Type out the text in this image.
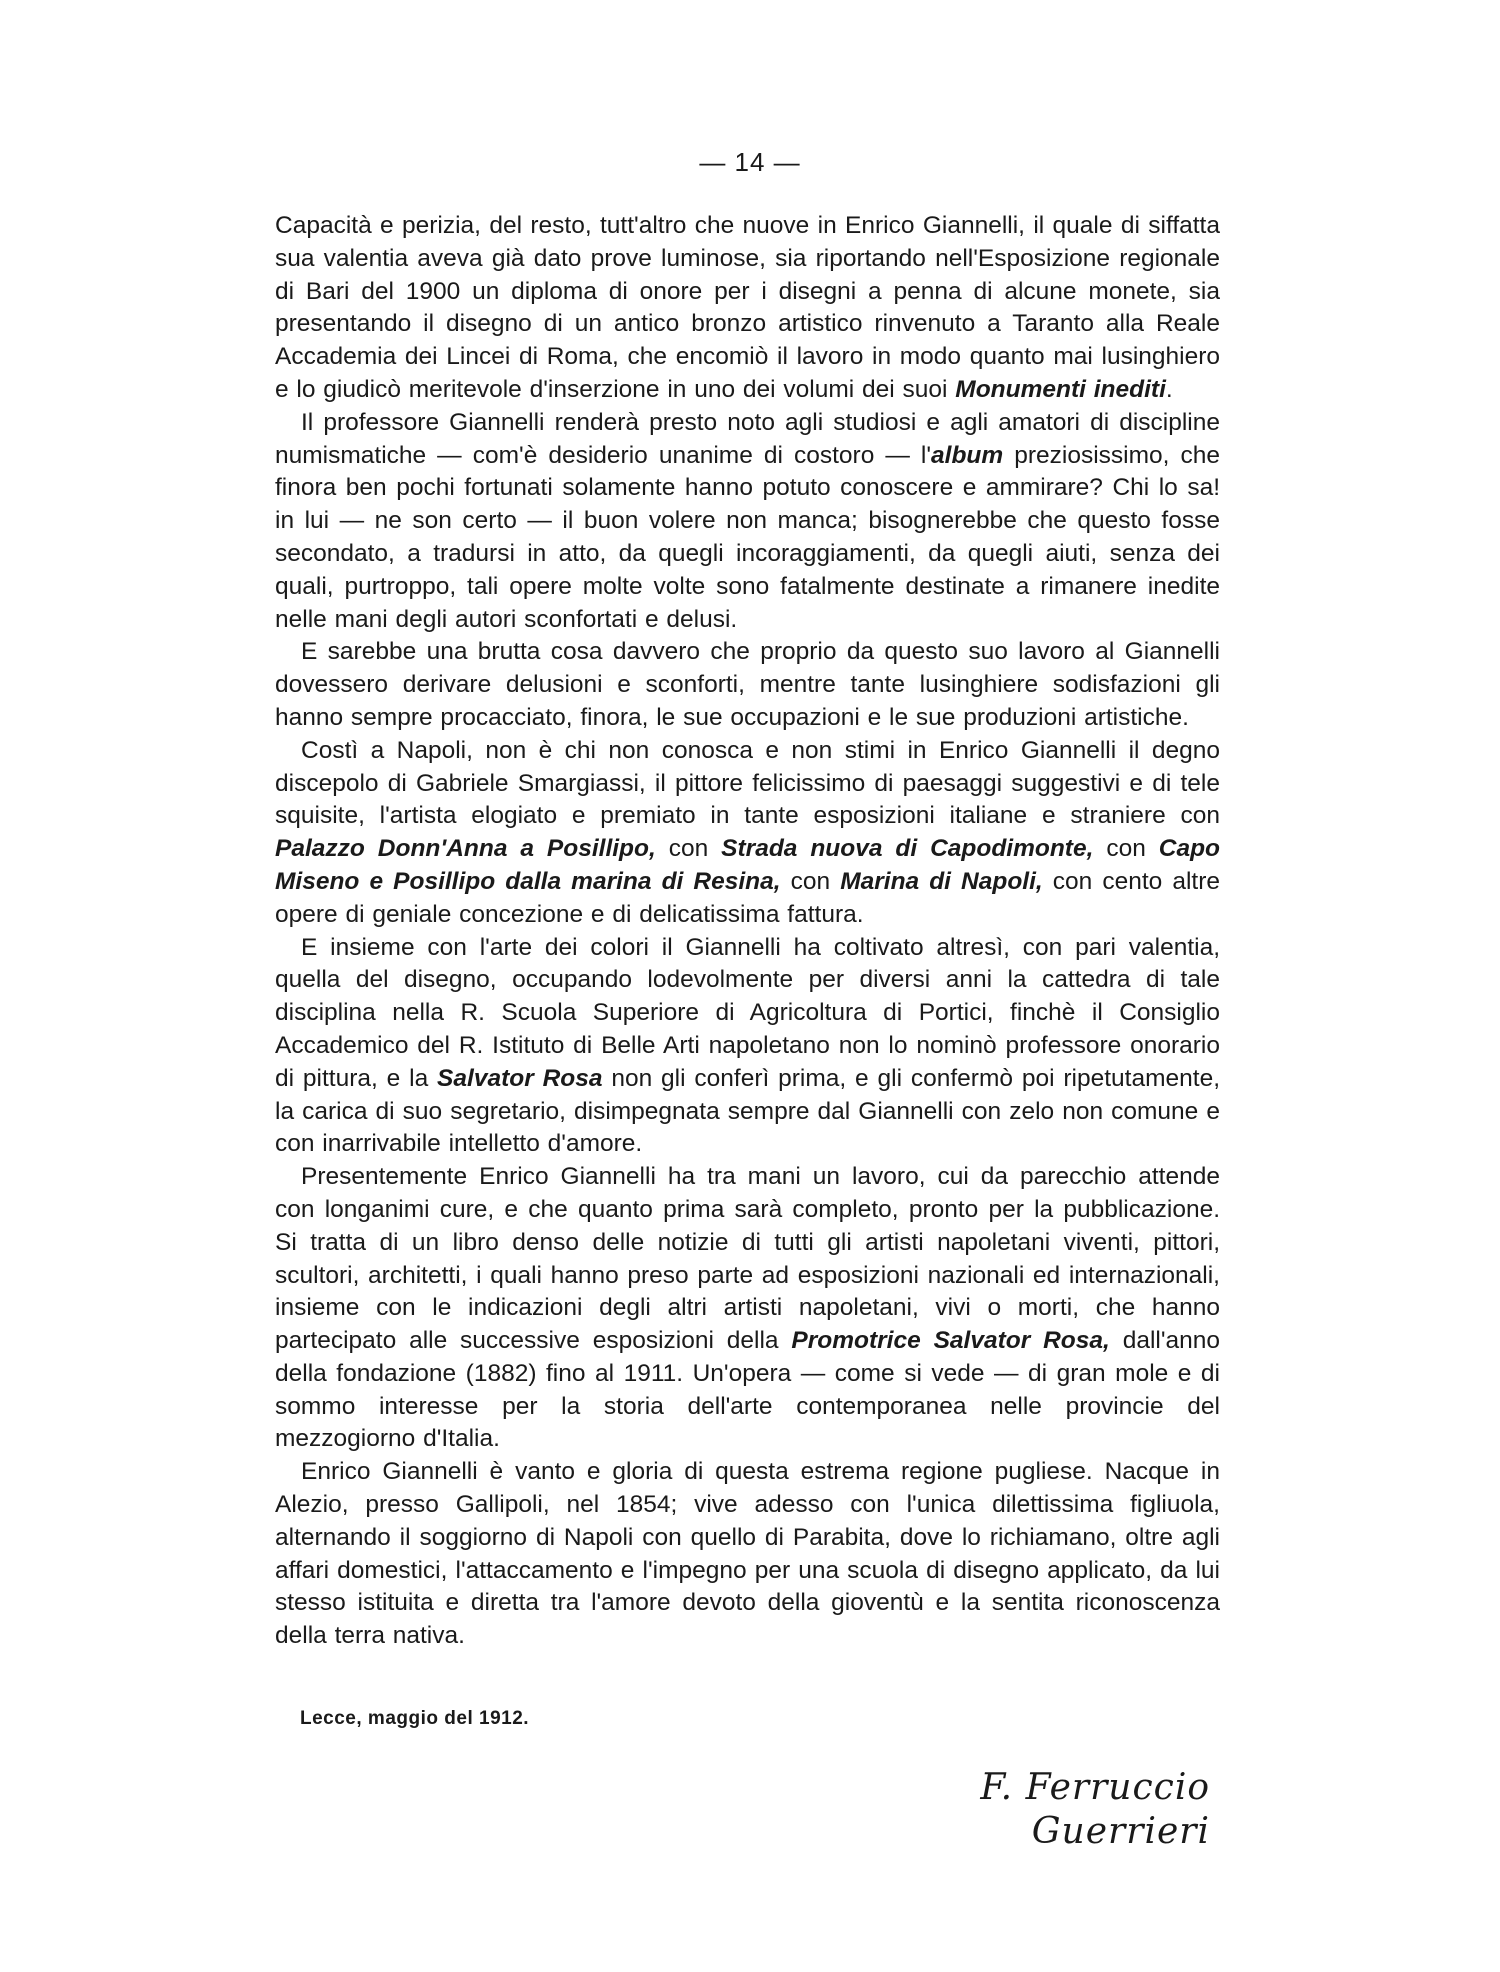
— 14 —

Capacità e perizia, del resto, tutt'altro che nuove in Enrico Giannelli, il quale di siffatta sua valentia aveva già dato prove luminose, sia riportando nell'Esposizione regionale di Bari del 1900 un diploma di onore per i disegni a penna di alcune monete, sia presentando il disegno di un antico bronzo artistico rinvenuto a Taranto alla Reale Accademia dei Lincei di Roma, che encomiò il lavoro in modo quanto mai lusinghiero e lo giudicò meritevole d'inserzione in uno dei volumi dei suoi Monumenti inediti.

Il professore Giannelli renderà presto noto agli studiosi e agli amatori di discipline numismatiche — com'è desiderio unanime di costoro — l'album preziosissimo, che finora ben pochi fortunati solamente hanno potuto conoscere e ammirare? Chi lo sa! in lui — ne son certo — il buon volere non manca; bisognerebbe che questo fosse secondato, a tradursi in atto, da quegli incoraggiamenti, da quegli aiuti, senza dei quali, purtroppo, tali opere molte volte sono fatalmente destinate a rimanere inedite nelle mani degli autori sconfortati e delusi.

E sarebbe una brutta cosa davvero che proprio da questo suo lavoro al Giannelli dovessero derivare delusioni e sconforti, mentre tante lusinghiere sodisfazioni gli hanno sempre procacciato, finora, le sue occupazioni e le sue produzioni artistiche.

Costì a Napoli, non è chi non conosca e non stimi in Enrico Giannelli il degno discepolo di Gabriele Smargiassi, il pittore felicissimo di paesaggi suggestivi e di tele squisite, l'artista elogiato e premiato in tante esposizioni italiane e straniere con Palazzo Donn'Anna a Posillipo, con Strada nuova di Capodimonte, con Capo Miseno e Posillipo dalla marina di Resina, con Marina di Napoli, con cento altre opere di geniale concezione e di delicatissima fattura.

E insieme con l'arte dei colori il Giannelli ha coltivato altresì, con pari valentia, quella del disegno, occupando lodevolmente per diversi anni la cattedra di tale disciplina nella R. Scuola Superiore di Agricoltura di Portici, finchè il Consiglio Accademico del R. Istituto di Belle Arti napoletano non lo nominò professore onorario di pittura, e la Salvator Rosa non gli conferì prima, e gli confermò poi ripetutamente, la carica di suo segretario, disimpegnata sempre dal Giannelli con zelo non comune e con inarrivabile intelletto d'amore.

Presentemente Enrico Giannelli ha tra mani un lavoro, cui da parecchio attende con longanimi cure, e che quanto prima sarà completo, pronto per la pubblicazione. Si tratta di un libro denso delle notizie di tutti gli artisti napoletani viventi, pittori, scultori, architetti, i quali hanno preso parte ad esposizioni nazionali ed internazionali, insieme con le indicazioni degli altri artisti napoletani, vivi o morti, che hanno partecipato alle successive esposizioni della Promotrice Salvator Rosa, dall'anno della fondazione (1882) fino al 1911. Un'opera — come si vede — di gran mole e di sommo interesse per la storia dell'arte contemporanea nelle provincie del mezzogiorno d'Italia.

Enrico Giannelli è vanto e gloria di questa estrema regione pugliese. Nacque in Alezio, presso Gallipoli, nel 1854; vive adesso con l'unica dilettissima figliuola, alternando il soggiorno di Napoli con quello di Parabita, dove lo richiamano, oltre agli affari domestici, l'attaccamento e l'impegno per una scuola di disegno applicato, da lui stesso istituita e diretta tra l'amore devoto della gioventù e la sentita riconoscenza della terra nativa.

Lecce, maggio del 1912.
F. Ferruccio Guerrieri
